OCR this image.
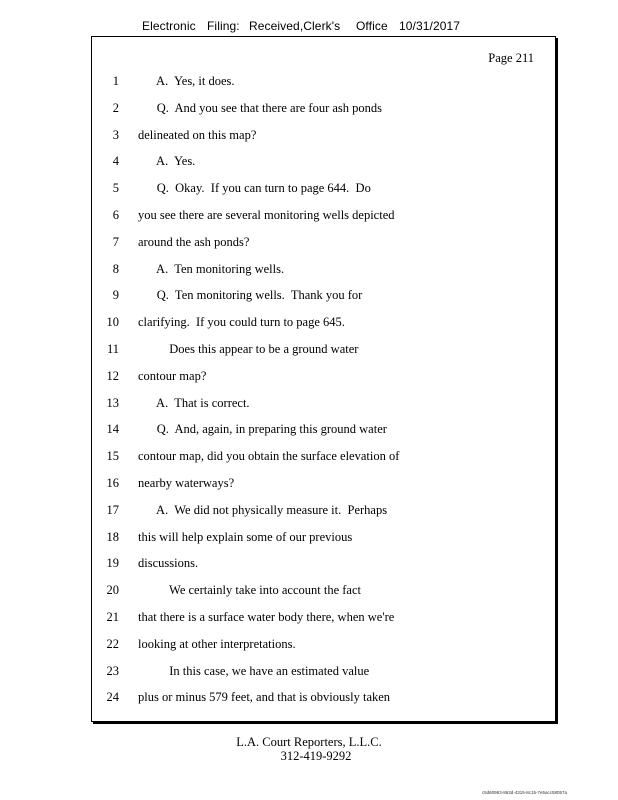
Electronic Filing: Received,Clerk's Office 10/31/2017
Page 211
1 A.  Yes, it does.
2 Q.  And you see that there are four ash ponds
3 delineated on this map?
4 A.  Yes.
5 Q.  Okay.  If you can turn to page 644.  Do
6 you see there are several monitoring wells depicted
7 around the ash ponds?
8 A.  Ten monitoring wells.
9 Q.  Ten monitoring wells.  Thank you for
10 clarifying.  If you could turn to page 645.
11 Does this appear to be a ground water
12 contour map?
13 A.  That is correct.
14 Q.  And, again, in preparing this ground water
15 contour map, did you obtain the surface elevation of
16 nearby waterways?
17 A.  We did not physically measure it.  Perhaps
18 this will help explain some of our previous
19 discussions.
20 We certainly take into account the fact
21 that there is a surface water body there, when we're
22 looking at other interpretations.
23 In this case, we have an estimated value
24 plus or minus 579 feet, and that is obviously taken
L.A. Court Reporters, L.L.C.

312-419-9292
c5d60983-863d-4315-8c15-7e5acc58057a
